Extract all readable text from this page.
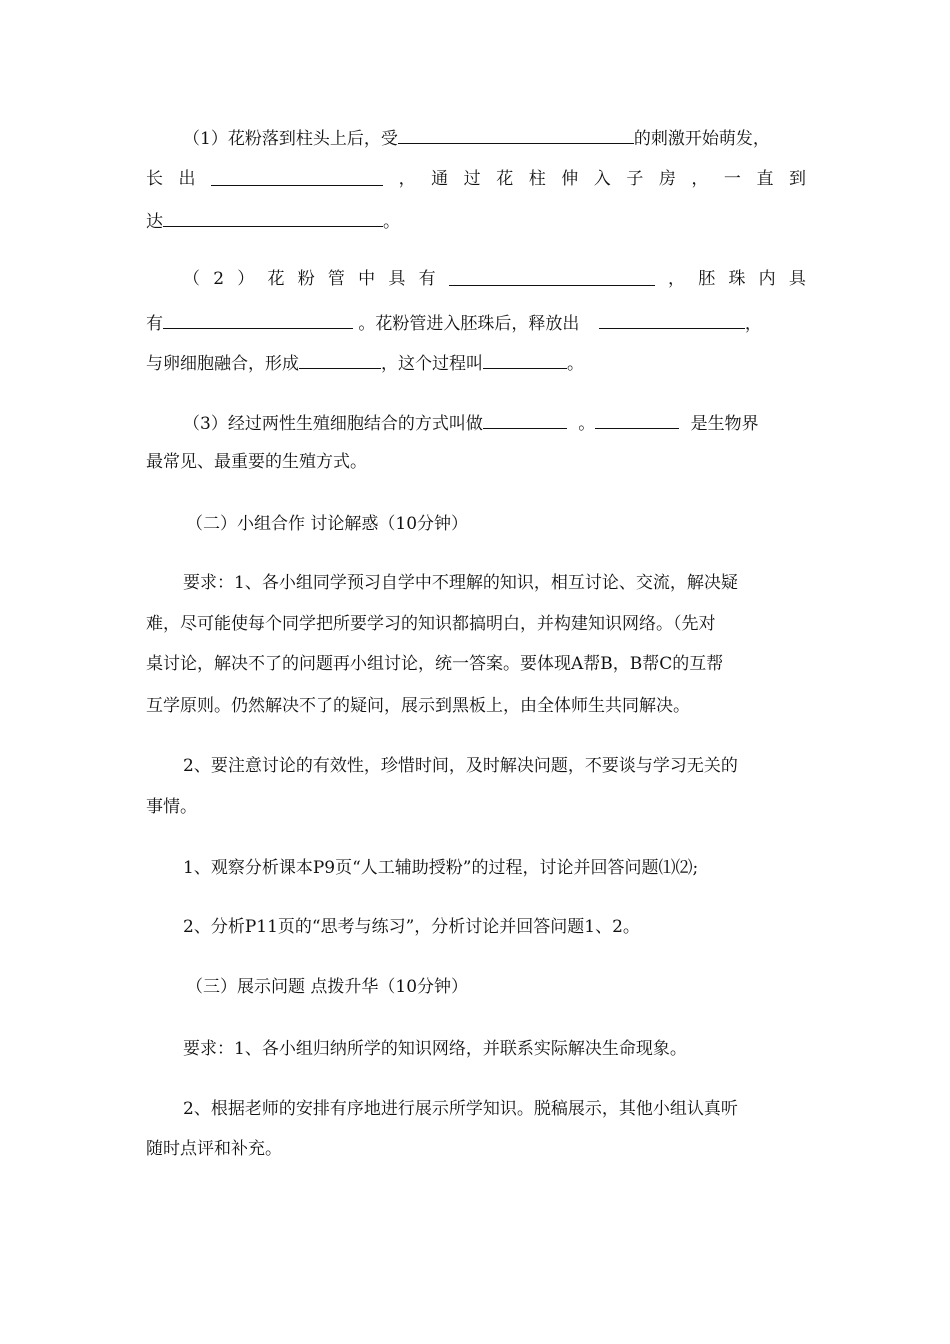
（1）花粉落到柱头上后，受	的刺激开始萌发，
长 出	， 通 过 花 柱 伸 入 子 房 ， 一 直 到
达	。
（ 2 ） 花 粉 管 中 具 有	， 胚 珠 内 具
有	。花粉管进入胚珠后，释放出	，
与卵细胞融合，形成	，这个过程叫	。
（3）经过两性生殖细胞结合的方式叫做	。	是生物界
最常见、最重要的生殖方式。
（二）小组合作 讨论解惑（10分钟）
要求：1、各小组同学预习自学中不理解的知识，相互讨论、交流，解决疑
难，尽可能使每个同学把所要学习的知识都搞明白，并构建知识网络。（先对
桌讨论，解决不了的问题再小组讨论，统一答案。要体现A帮B，B帮C的互帮
互学原则。仍然解决不了的疑问，展示到黑板上，由全体师生共同解决。
2、要注意讨论的有效性，珍惜时间，及时解决问题，不要谈与学习无关的
事情。
1、观察分析课本P9页“人工辅助授粉”的过程，讨论并回答问题⑴⑵;
2、分析P11页的“思考与练习”，分析讨论并回答问题1、2。
（三）展示问题 点拨升华（10分钟）
要求：1、各小组归纳所学的知识网络，并联系实际解决生命现象。
2、根据老师的安排有序地进行展示所学知识。脱稿展示，其他小组认真听
随时点评和补充。
